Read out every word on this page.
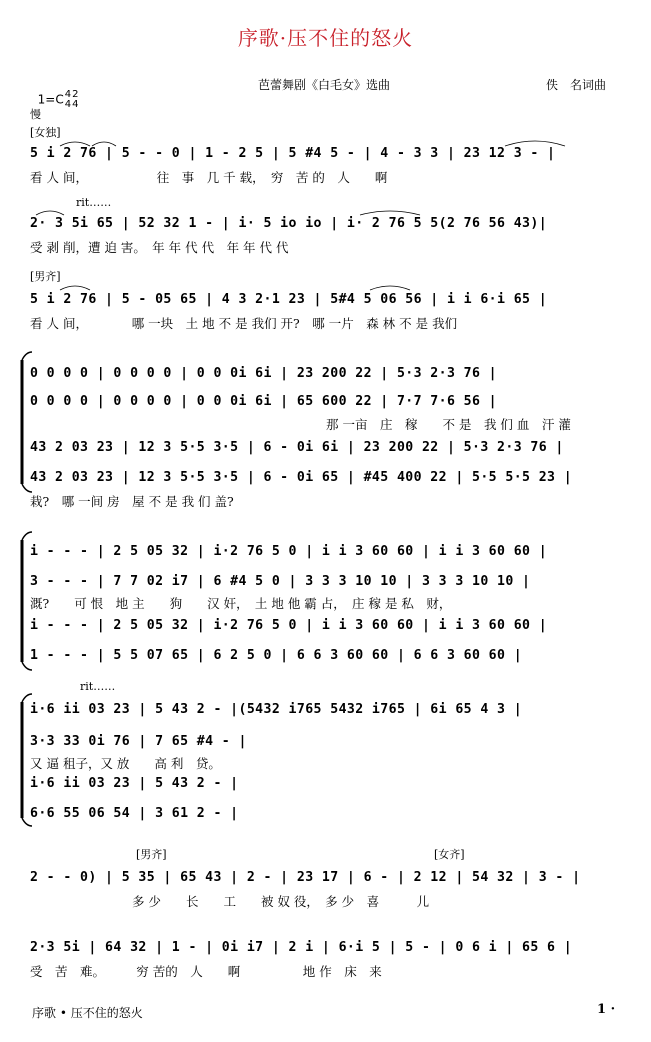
序歌·压不住的怒火

1=C4
42
4

芭蕾舞剧《白毛女》选曲	佚　名词曲
慢
[女独]
5 i 2 76 | 5 - - 0 | 1 - 2 5 | 5 #4 5 - | 4 - 3 3 | 23 12 3 - |
看 人 间，　　　　　　往　事　几 千 载，　穷　苦 的　人　　啊
rit……
2· 3 5i 65 | 52 32 1 - | i· 5 io io | i· 2 76 5 5(2 76 56 43)|
受 剥 削，遭 迫 害。　年 年 代 代　年 年 代 代
[男齐]
5 i 2 76 | 5 - 05 65 | 4 3 2·1 23 | 5#4 5 06 56 | i i 6·i 65 |
看 人 间，　　　　哪 一块　土 地 不 是 我们 开?　哪 一片　森 林 不 是 我们
0 0 0 0 | 0 0 0 0 | 0 0 0i 6i | 23 200 22 | 5·3 2·3 76 |
0 0 0 0 | 0 0 0 0 | 0 0 0i 6i | 65 600 22 | 7·7 7·6 56 |
那 一亩　庄　稼　　不 是　我 们 血　汗 灌
43 2 03 23 | 12 3 5·5 3·5 | 6 - 0i 6i | 23 200 22 | 5·3 2·3 76 |
43 2 03 23 | 12 3 5·5 3·5 | 6 - 0i 65 | #45 400 22 | 5·5 5·5 23 |
栽?　哪 一间 房　屋 不 是 我 们 盖?
i - - - | 2 5 05 32 | i·2 76 5 0 | i i 3 60 60 | i i 3 60 60 |
3 - - - | 7 7 02 i7 | 6 #4 5 0 | 3 3 3 10 10 | 3 3 3 10 10 |
溉?　　可 恨　地 主　　狗　　汉 奸，　土 地 他 霸 占，　庄 稼 是 私　财，
i - - - | 2 5 05 32 | i·2 76 5 0 | i i 3 60 60 | i i 3 60 60 |
1 - - - | 5 5 07 65 | 6 2 5 0 | 6 6 3 60 60 | 6 6 3 60 60 |
rit……
i·6 ii 03 23 | 5 43 2 - |(5432 i765 5432 i765 | 6i 65 4 3 |
3·3 33 0i 76 | 7 65 #4 - |
又 逼 租子，又 放　　高 利　贷。
i·6 ii 03 23 | 5 43 2 - |
6·6 55 06 54 | 3 61 2 - |
[男齐]	[女齐]
2 - - 0) | 5 35 | 65 43 | 2 - | 23 17 | 6 - | 2 12 | 54 32 | 3 - |
多 少　　长　　工　　被 奴 役，　多 少　喜　　　儿
2·3 5i | 64 32 | 1 - | 0i i7 | 2 i | 6·i 5 | 5 - | 0 6 i | 65 6 |
受　苦　难。　　　穷 苦的　人　　啊　　　　　地 作　床　来
序歌 • 压不住的怒火	1 ·
